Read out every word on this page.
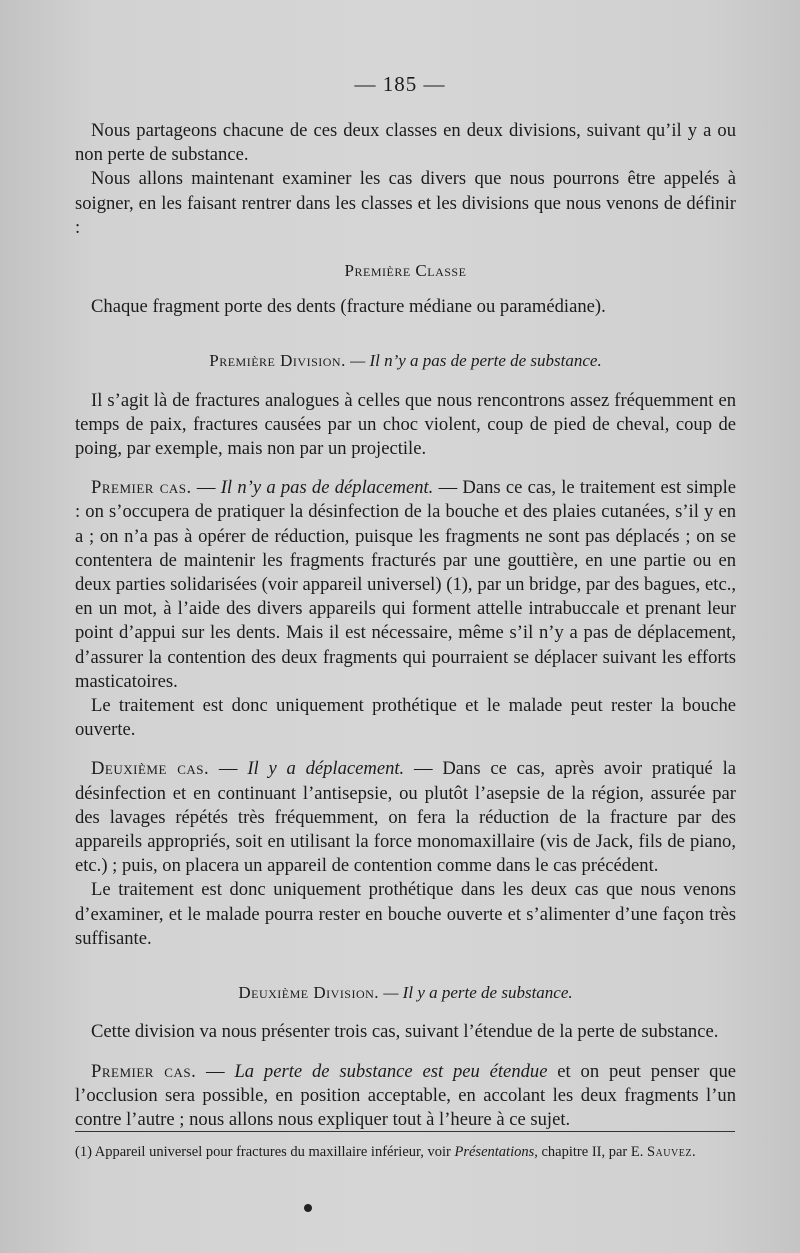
— 185 —

Nous partageons chacune de ces deux classes en deux divisions, suivant qu’il y a ou non perte de substance.

Nous allons maintenant examiner les cas divers que nous pourrons être appelés à soigner, en les faisant rentrer dans les classes et les divisions que nous venons de définir :

Première Classe

Chaque fragment porte des dents (fracture médiane ou paramédiane).

Première Division. — Il n’y a pas de perte de substance.

Il s’agit là de fractures analogues à celles que nous rencontrons assez fréquemment en temps de paix, fractures causées par un choc violent, coup de pied de cheval, coup de poing, par exemple, mais non par un projectile.

Premier cas. — Il n’y a pas de déplacement. — Dans ce cas, le traitement est simple : on s’occupera de pratiquer la désinfection de la bouche et des plaies cutanées, s’il y en a ; on n’a pas à opérer de réduction, puisque les fragments ne sont pas déplacés ; on se contentera de maintenir les fragments fracturés par une gouttière, en une partie ou en deux parties solidarisées (voir appareil universel) (1), par un bridge, par des bagues, etc., en un mot, à l’aide des divers appareils qui forment attelle intrabuccale et prenant leur point d’appui sur les dents. Mais il est nécessaire, même s’il n’y a pas de déplacement, d’assurer la contention des deux fragments qui pourraient se déplacer suivant les efforts masticatoires.

Le traitement est donc uniquement prothétique et le malade peut rester la bouche ouverte.

Deuxième cas. — Il y a déplacement. — Dans ce cas, après avoir pratiqué la désinfection et en continuant l’antisepsie, ou plutôt l’asepsie de la région, assurée par des lavages répétés très fréquemment, on fera la réduction de la fracture par des appareils appropriés, soit en utilisant la force monomaxillaire (vis de Jack, fils de piano, etc.) ; puis, on placera un appareil de contention comme dans le cas précédent.

Le traitement est donc uniquement prothétique dans les deux cas que nous venons d’examiner, et le malade pourra rester en bouche ouverte et s’alimenter d’une façon très suffisante.

Deuxième Division. — Il y a perte de substance.

Cette division va nous présenter trois cas, suivant l’étendue de la perte de substance.

Premier cas. — La perte de substance est peu étendue et on peut penser que l’occlusion sera possible, en position acceptable, en accolant les deux fragments l’un contre l’autre ; nous allons nous expliquer tout à l’heure à ce sujet.

(1) Appareil universel pour fractures du maxillaire inférieur, voir Présentations, chapitre II, par E. Sauvez.
